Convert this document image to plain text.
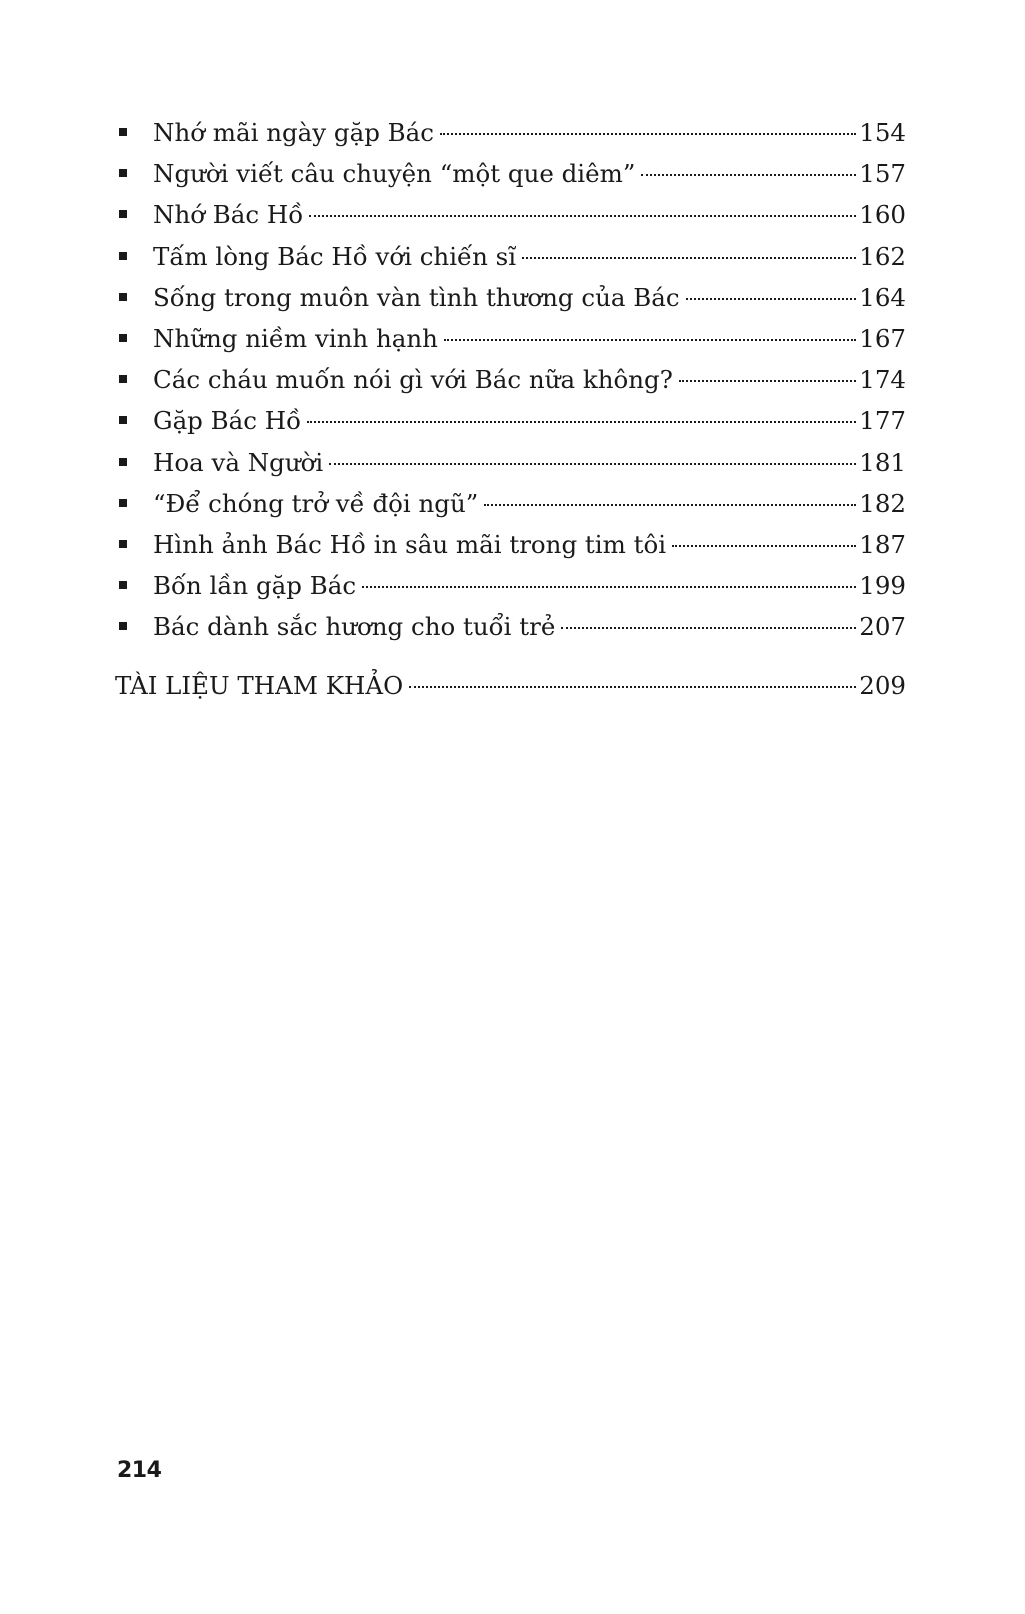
Nhớ mãi ngày gặp Bác	154
Người viết câu chuyện “một que diêm”	157
Nhớ Bác Hồ	160
Tấm lòng Bác Hồ với chiến sĩ	162
Sống trong muôn vàn tình thương của Bác	164
Những niềm vinh hạnh	167
Các cháu muốn nói gì với Bác nữa không?	174
Gặp Bác Hồ	177
Hoa và Người	181
“Để chóng trở về đội ngũ”	182
Hình ảnh Bác Hồ in sâu mãi trong tim tôi	187
Bốn lần gặp Bác	199
Bác dành sắc hương cho tuổi trẻ	207
TÀI LIỆU THAM KHẢO	209
214
